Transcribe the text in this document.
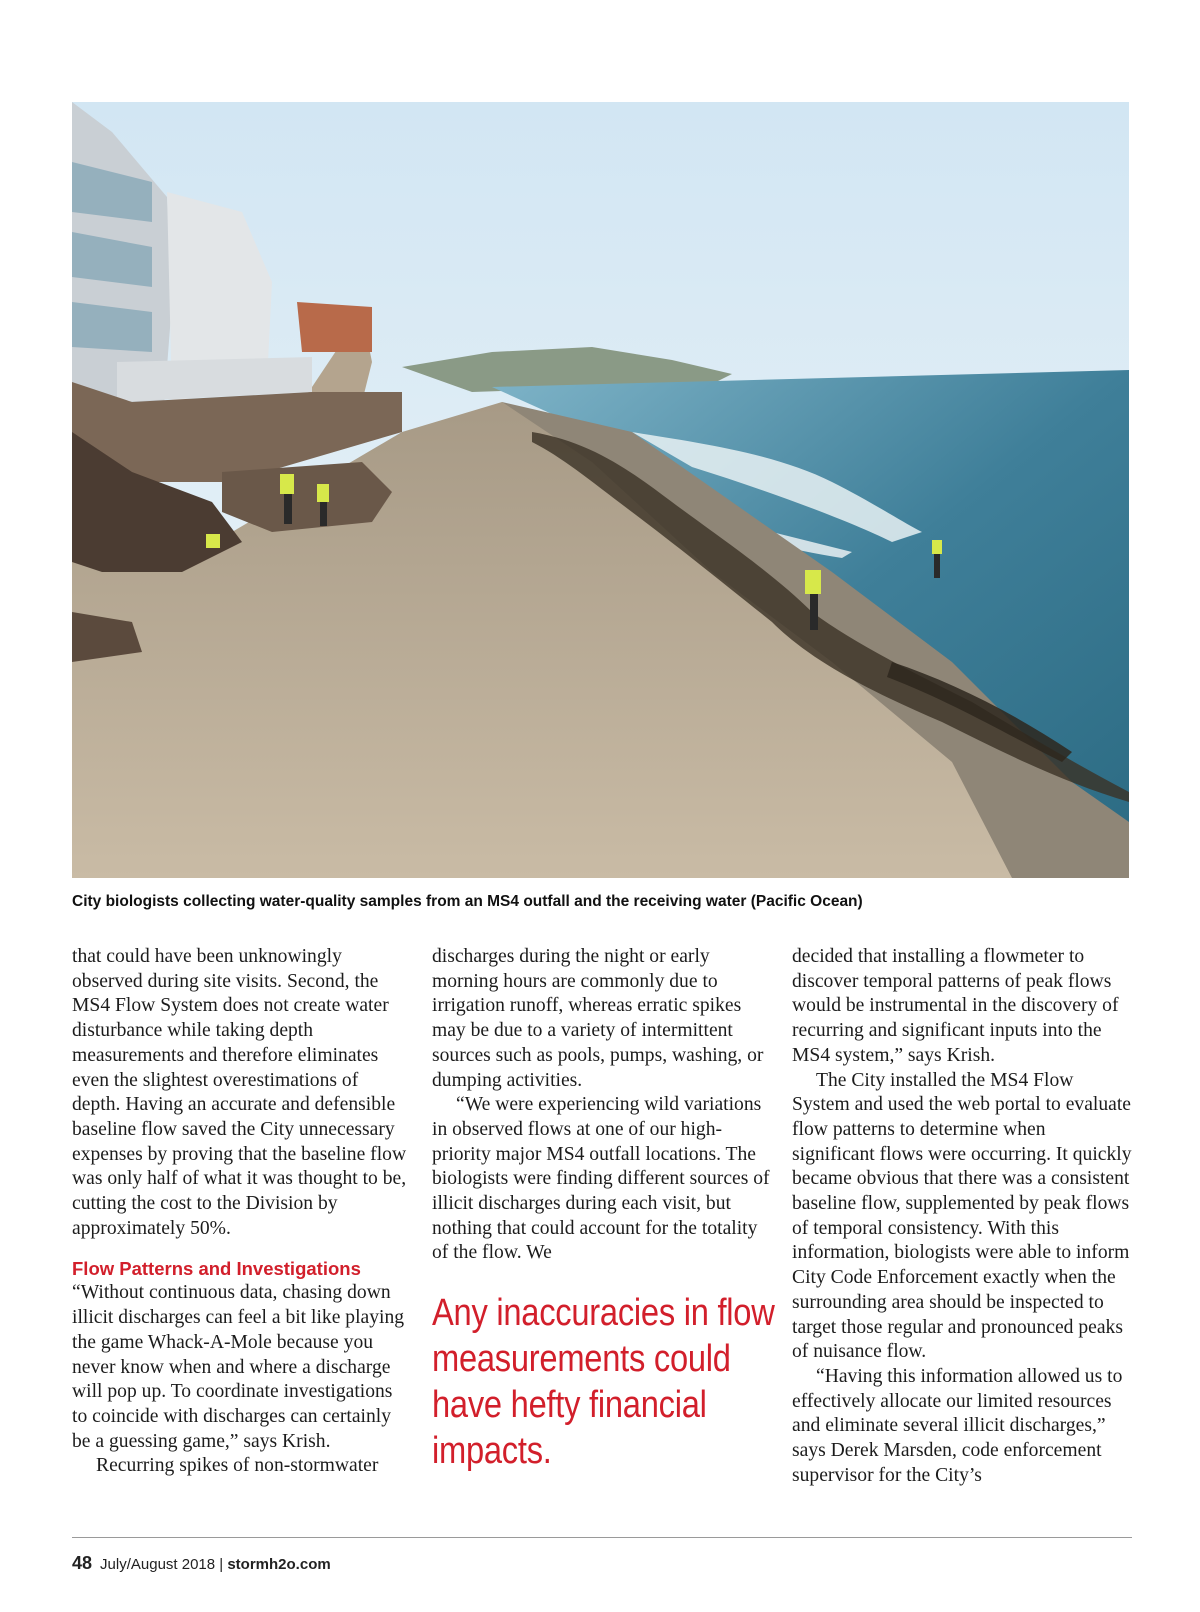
City biologists collecting water-quality samples from an MS4 outfall and the receiving water (Pacific Ocean)

that could have been unknowingly observed during site visits. Second, the MS4 Flow System does not create water disturbance while taking depth measurements and therefore eliminates even the slightest overestimations of depth. Having an accurate and defensible baseline flow saved the City unnecessary expenses by proving that the baseline flow was only half of what it was thought to be, cutting the cost to the Division by approximately 50%.

Flow Patterns and Investigations

“Without continuous data, chasing down illicit discharges can feel a bit like playing the game Whack-A-Mole because you never know when and where a discharge will pop up. To coordinate investigations to coincide with discharges can certainly be a guessing game,” says Krish.

Recurring spikes of non-stormwater

discharges during the night or early morning hours are commonly due to irrigation runoff, whereas erratic spikes may be due to a variety of intermittent sources such as pools, pumps, washing, or dumping activities.

“We were experiencing wild variations in observed flows at one of our high-priority major MS4 outfall locations. The biologists were finding different sources of illicit discharges during each visit, but nothing that could account for the totality of the flow. We

Any inaccuracies in flow measurements could have hefty financial impacts.

decided that installing a flowmeter to discover temporal patterns of peak flows would be instrumental in the discovery of recurring and significant inputs into the MS4 system,” says Krish.

The City installed the MS4 Flow System and used the web portal to evaluate flow patterns to determine when significant flows were occurring. It quickly became obvious that there was a consistent baseline flow, supplemented by peak flows of temporal consistency. With this information, biologists were able to inform City Code Enforcement exactly when the surrounding area should be inspected to target those regular and pronounced peaks of nuisance flow.

“Having this information allowed us to effectively allocate our limited resources and eliminate several illicit discharges,” says Derek Marsden, code enforcement supervisor for the City’s

48 July/August 2018 | stormh2o.com
